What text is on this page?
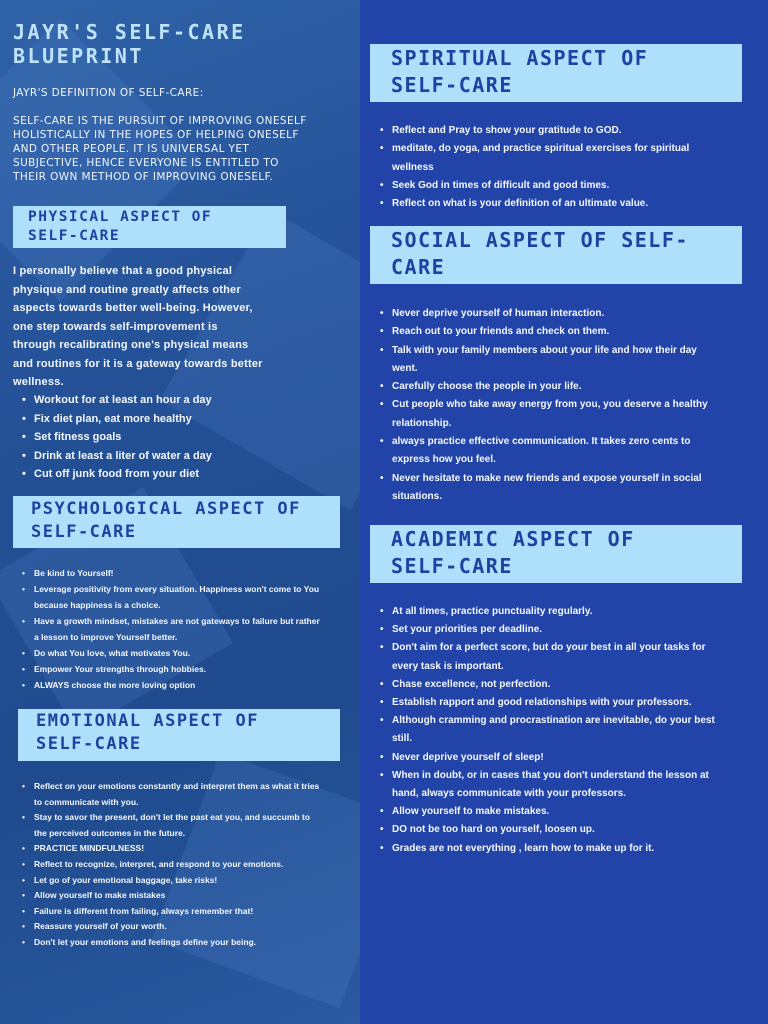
JAYR'S SELF-CARE
BLUEPRINT
JAYR'S DEFINITION OF SELF-CARE:
SELF-CARE IS THE PURSUIT OF IMPROVING ONESELF HOLISTICALLY IN THE HOPES OF HELPING ONESELF AND OTHER PEOPLE. IT IS UNIVERSAL YET SUBJECTIVE, HENCE EVERYONE IS ENTITLED TO THEIR OWN METHOD OF IMPROVING ONESELF.
PHYSICAL ASPECT OF
SELF-CARE
I personally believe that a good physical physique and routine greatly affects other aspects towards better well-being. However, one step towards self-improvement is through recalibrating one's physical means and routines for it is a gateway towards better wellness.
• Workout for at least an hour a day
• Fix diet plan, eat more healthy
• Set fitness goals
• Drink at least a liter of water a day
• Cut off junk food from your diet
PSYCHOLOGICAL ASPECT OF
SELF-CARE
• Be kind to Yourself!
• Leverage positivity from every situation. Happiness won't come to You because happiness is a choice.
• Have a growth mindset, mistakes are not gateways to failure but rather a lesson to improve Yourself better.
• Do what You love, what motivates You.
• Empower Your strengths through hobbies.
• ALWAYS choose the more loving option
EMOTIONAL ASPECT OF
SELF-CARE
• Reflect on your emotions constantly and interpret them as what it tries to communicate with you.
• Stay to savor the present, don't let the past eat you, and succumb to the perceived outcomes in the future.
• PRACTICE MINDFULNESS!
• Reflect to recognize, interpret, and respond to your emotions.
• Let go of your emotional baggage, take risks!
• Allow yourself to make mistakes
• Failure is different from failing, always remember that!
• Reassure yourself of your worth.
• Don't let your emotions and feelings define your being.
SPIRITUAL ASPECT OF
SELF-CARE
• Reflect and Pray to show your gratitude to GOD.
• meditate, do yoga, and practice spiritual exercises for spiritual wellness
• Seek God in times of difficult and good times.
• Reflect on what is your definition of an ultimate value.
SOCIAL ASPECT OF SELF-
CARE
• Never deprive yourself of human interaction.
• Reach out to your friends and check on them.
• Talk with your family members about your life and how their day went.
• Carefully choose the people in your life.
• Cut people who take away energy from you, you deserve a healthy relationship.
• always practice effective communication. It takes zero cents to express how you feel.
• Never hesitate to make new friends and expose yourself in social situations.
ACADEMIC ASPECT OF
SELF-CARE
• At all times, practice punctuality regularly.
• Set your priorities per deadline.
• Don't aim for a perfect score, but do your best in all your tasks for every task is important.
• Chase excellence, not perfection.
• Establish rapport and good relationships with your professors.
• Although cramming and procrastination are inevitable, do your best still.
• Never deprive yourself of sleep!
• When in doubt, or in cases that you don't understand the lesson at hand, always communicate with your professors.
• Allow yourself to make mistakes.
• DO not be too hard on yourself, loosen up.
• Grades are not everything , learn how to make up for it.
